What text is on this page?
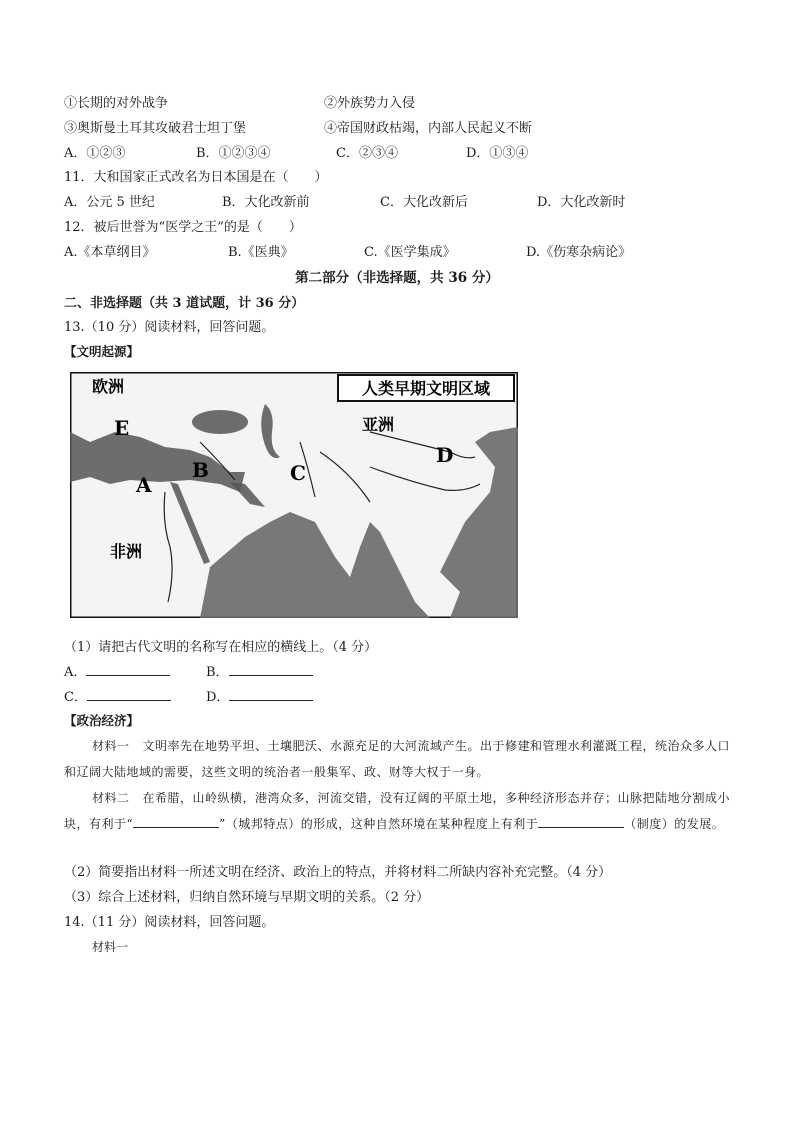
①长期的对外战争	②外族势力入侵
③奥斯曼土耳其攻破君士坦丁堡	④帝国财政枯竭，内部人民起义不断
A．①②③	B．①②③④	C．②③④	D．①③④
11．大和国家正式改名为日本国是在（　　）
A．公元 5 世纪	B．大化改新前	C．大化改新后	D．大化改新时
12．被后世誉为“医学之王”的是（　　）
A.《本草纲目》	B.《医典》	C.《医学集成》	D.《伤寒杂病论》
第二部分（非选择题，共 36 分）
二、非选择题（共 3 道试题，计 36 分）
13.（10 分）阅读材料，回答问题。
【文明起源】
人类早期文明区域
欧洲
亚洲
非洲
A
B	C
D
E
（1）请把古代文明的名称写在相应的横线上。（4 分）
A．	B．
C．	D．
【政治经济】
材料一 文明率先在地势平坦、土壤肥沃、水源充足的大河流域产生。出于修建和管理水利灌溉工程，统治众多人口和辽阔大陆地域的需要，这些文明的统治者一般集军、政、财等大权于一身。
材料二 在希腊，山岭纵横，港湾众多，河流交错，没有辽阔的平原土地，多种经济形态并存；山脉把陆地分割成小块，有利于“	”（城邦特点）的形成，这种自然环境在某种程度上有利于	（制度）的发展。
（2）简要指出材料一所述文明在经济、政治上的特点，并将材料二所缺内容补充完整。（4 分）
（3）综合上述材料，归纳自然环境与早期文明的关系。（2 分）
14.（11 分）阅读材料，回答问题。
材料一
